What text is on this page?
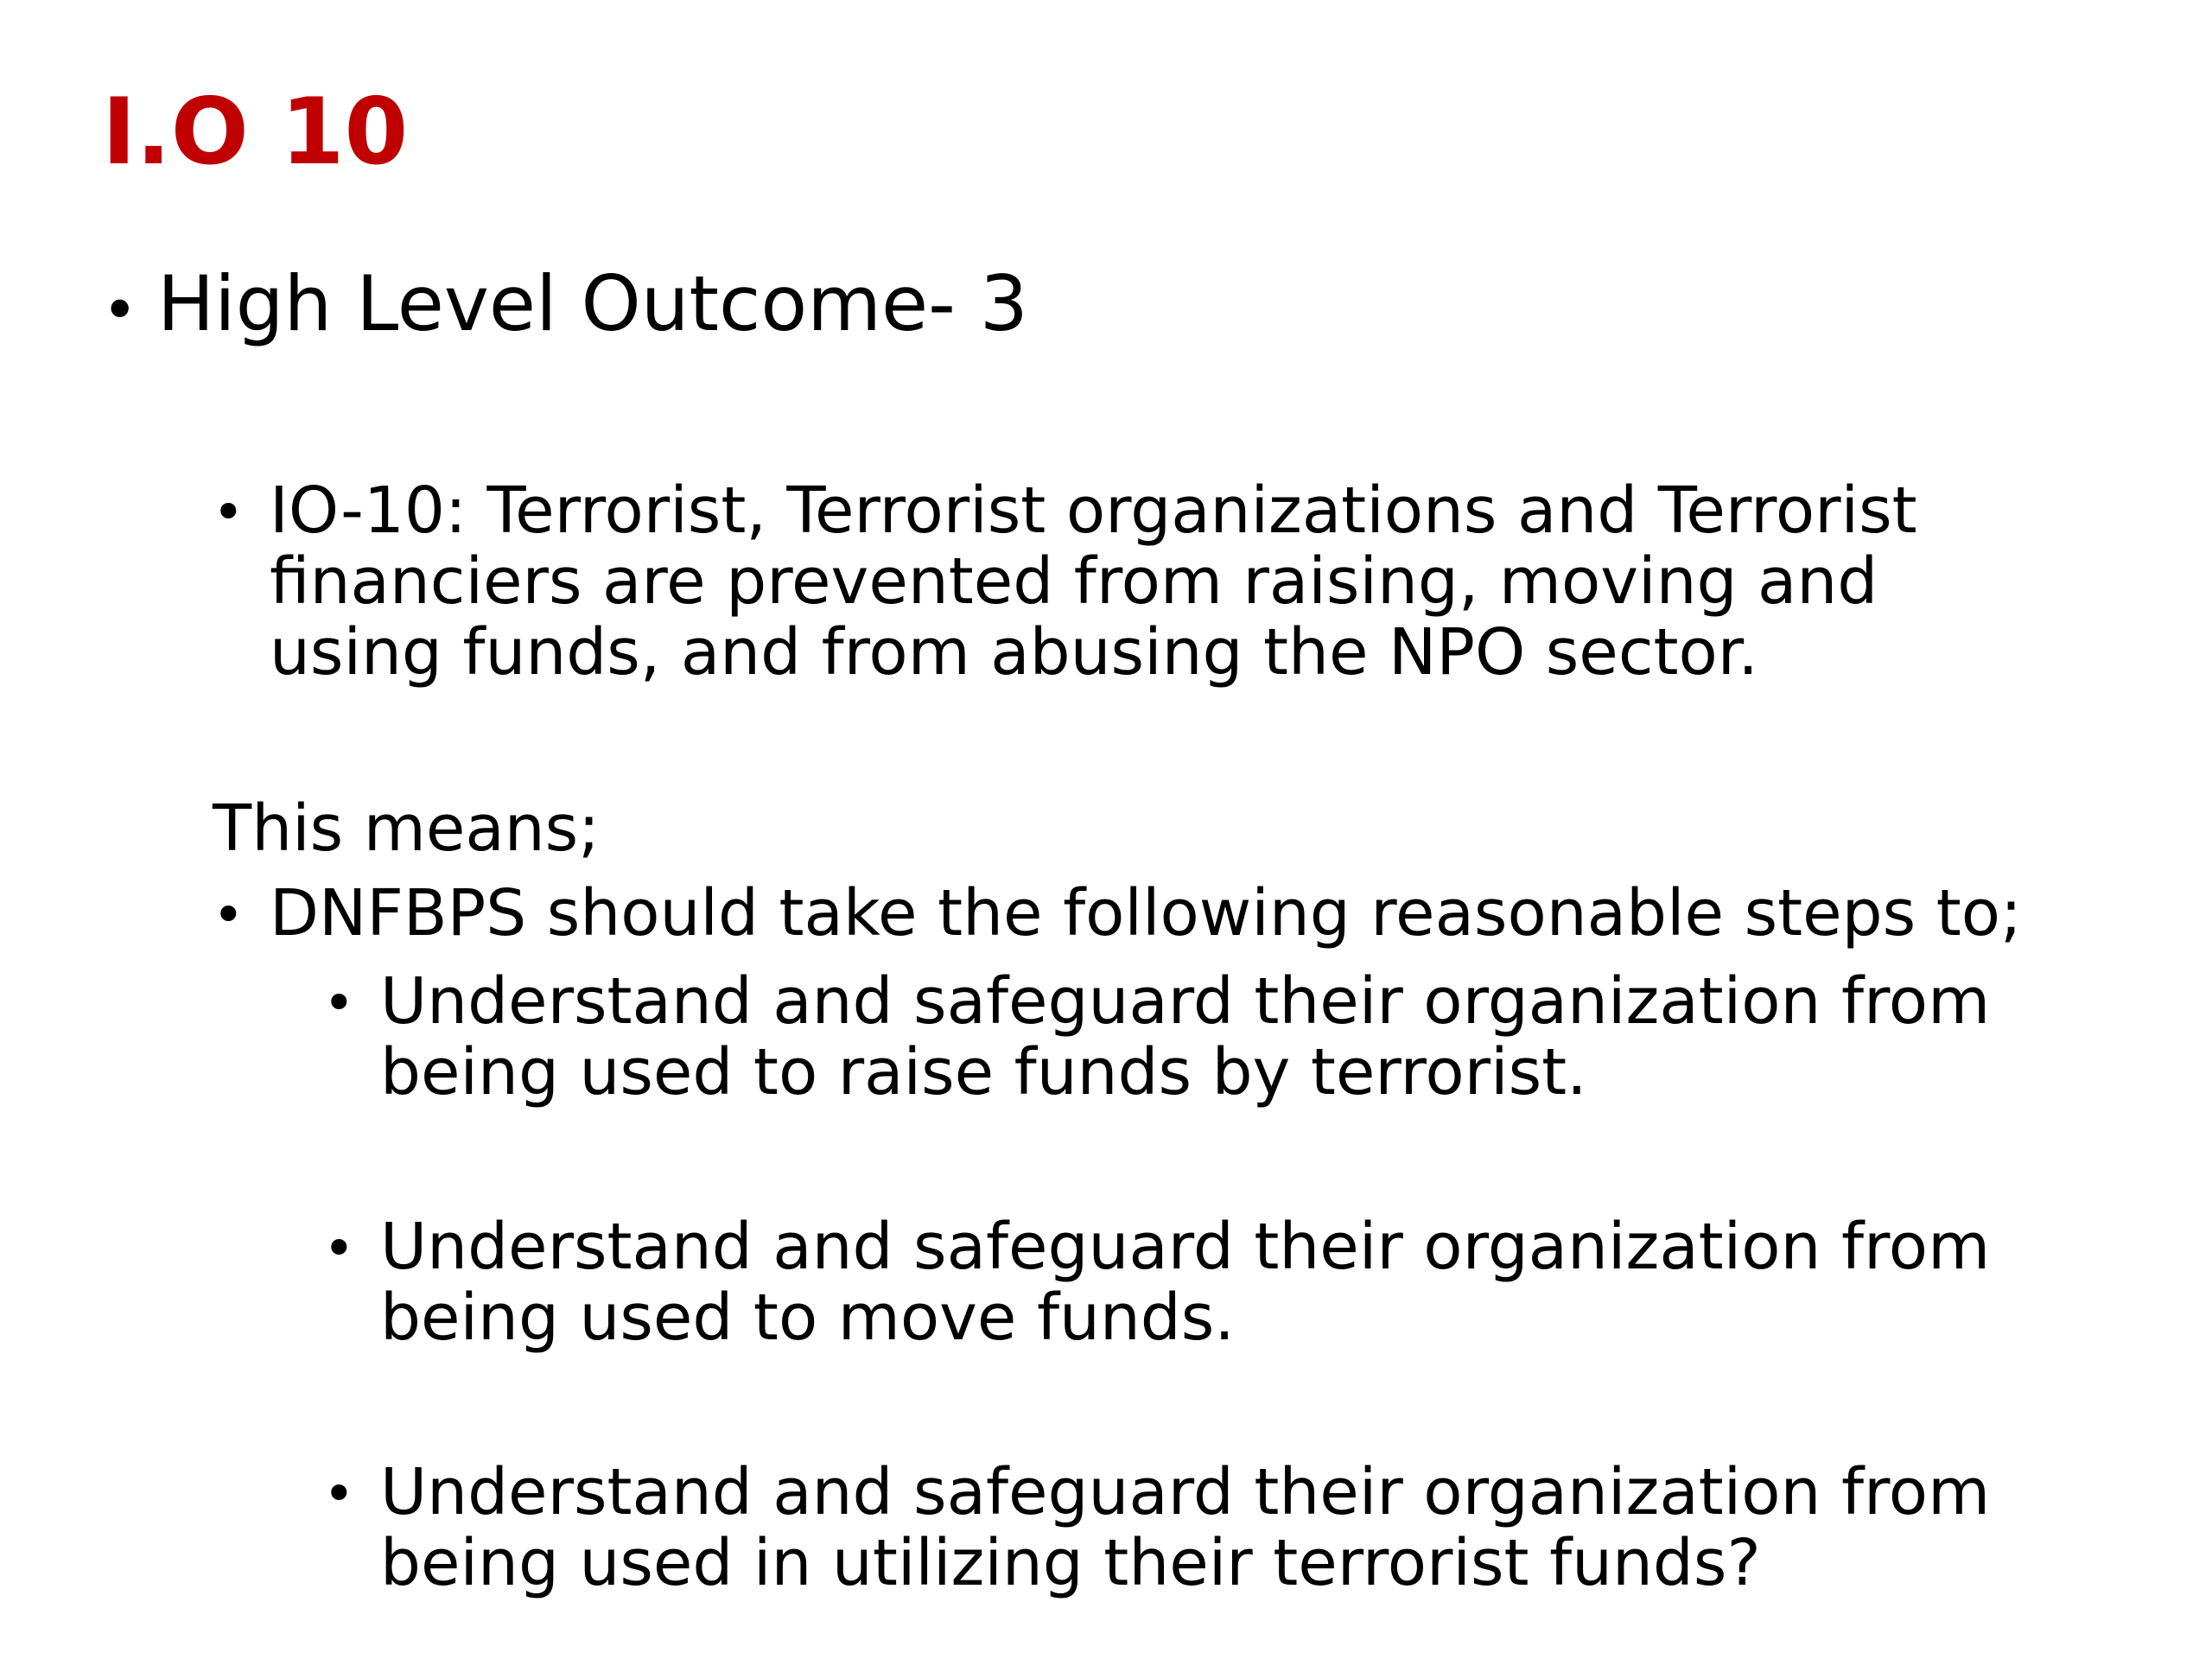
I.O 10
• High Level Outcome- 3
• IO-10: Terrorist, Terrorist organizations and Terrorist
financiers are prevented from raising, moving and
using funds, and from abusing the NPO sector.
This means;
• DNFBPS should take the following reasonable steps to;
• Understand and safeguard their organization from
being used to raise funds by terrorist.
• Understand and safeguard their organization from
being used to move funds.
• Understand and safeguard their organization from
being used in utilizing their terrorist funds?
